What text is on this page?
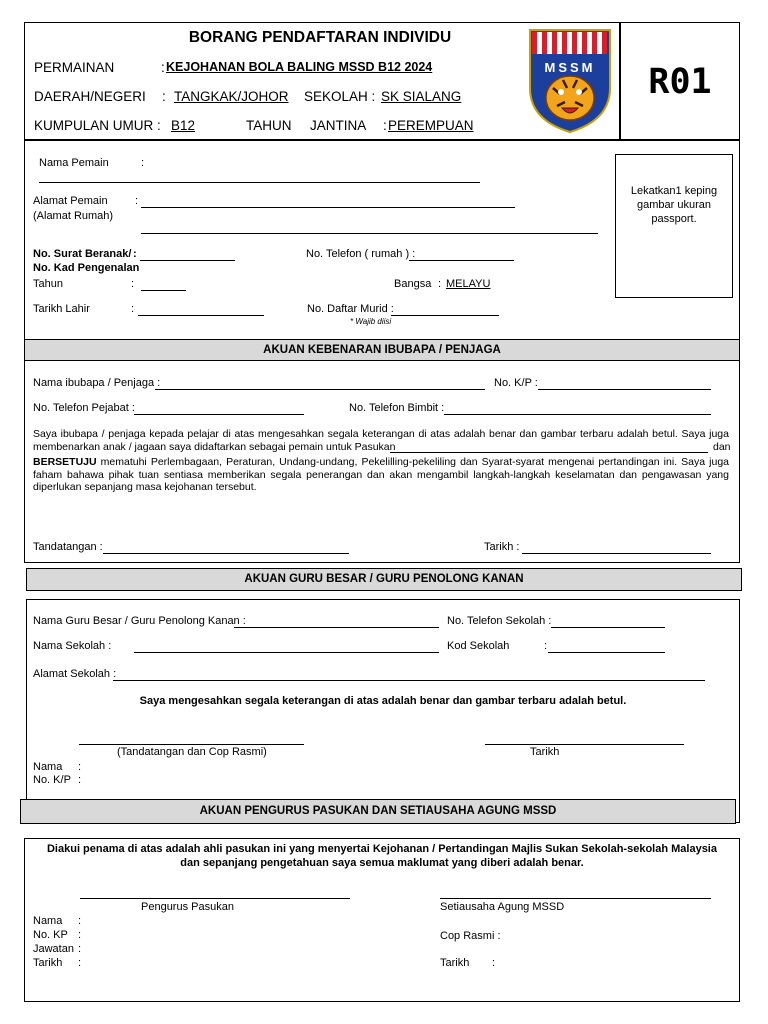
BORANG PENDAFTARAN INDIVIDU
PERMAINAN	: KEJOHANAN BOLA BALING MSSD B12 2024
DAERAH/NEGERI : TANGKAK/JOHOR SEKOLAH : SK SIALANG
KUMPULAN UMUR : B12	TAHUN JANTINA : PEREMPUAN
MSSM	R01
Nama Pemain	:
Alamat Pemain
(Alamat Rumah)
:
No. Surat Beranak/
No. Kad Pengenalan
:	No. Telefon ( rumah ) :
Tahun	:	Bangsa : MELAYU
Tarikh Lahir	:	No. Daftar Murid :
* Wajib diisi
Lekatkan1 keping gambar ukuran passport.
AKUAN KEBENARAN IBUBAPA / PENJAGA
Nama ibubapa / Penjaga :	No. K/P :
No. Telefon Pejabat :	No. Telefon Bimbit :
Saya ibubapa / penjaga kepada pelajar di atas mengesahkan segala keterangan di atas adalah benar dan gambar terbaru adalah betul. Saya juga membenarkan anak / jagaan saya didaftarkan sebagai pemain untuk Pasukan	dan
BERSETUJU mematuhi Perlembagaan, Peraturan, Undang-undang, Pekelilling-pekeliling dan Syarat-syarat mengenai pertandingan ini. Saya juga faham bahawa pihak tuan sentiasa memberikan segala penerangan dan akan mengambil langkah-langkah keselamatan dan pengawasan yang diperlukan sepanjang masa kejohanan tersebut.
Tandatangan :	Tarikh :
AKUAN GURU BESAR / GURU PENOLONG KANAN
Nama Guru Besar / Guru Penolong Kanan :	No. Telefon Sekolah :
Nama Sekolah :	Kod Sekolah	:
Alamat Sekolah :
Saya mengesahkan segala keterangan di atas adalah benar dan gambar terbaru adalah betul.
(Tandatangan dan Cop Rasmi)	Tarikh
Nama :
No. K/P :
AKUAN PENGURUS PASUKAN DAN SETIAUSAHA AGUNG MSSD
Diakui penama di atas adalah ahli pasukan ini yang menyertai Kejohanan / Pertandingan Majlis Sukan Sekolah-sekolah Malaysia
dan sepanjang pengetahuan saya semua maklumat yang diberi adalah benar.
Pengurus Pasukan	Setiausaha Agung MSSD
Nama :
No. KP :
Jawatan :
Tarikh :
Cop Rasmi :
Tarikh :
